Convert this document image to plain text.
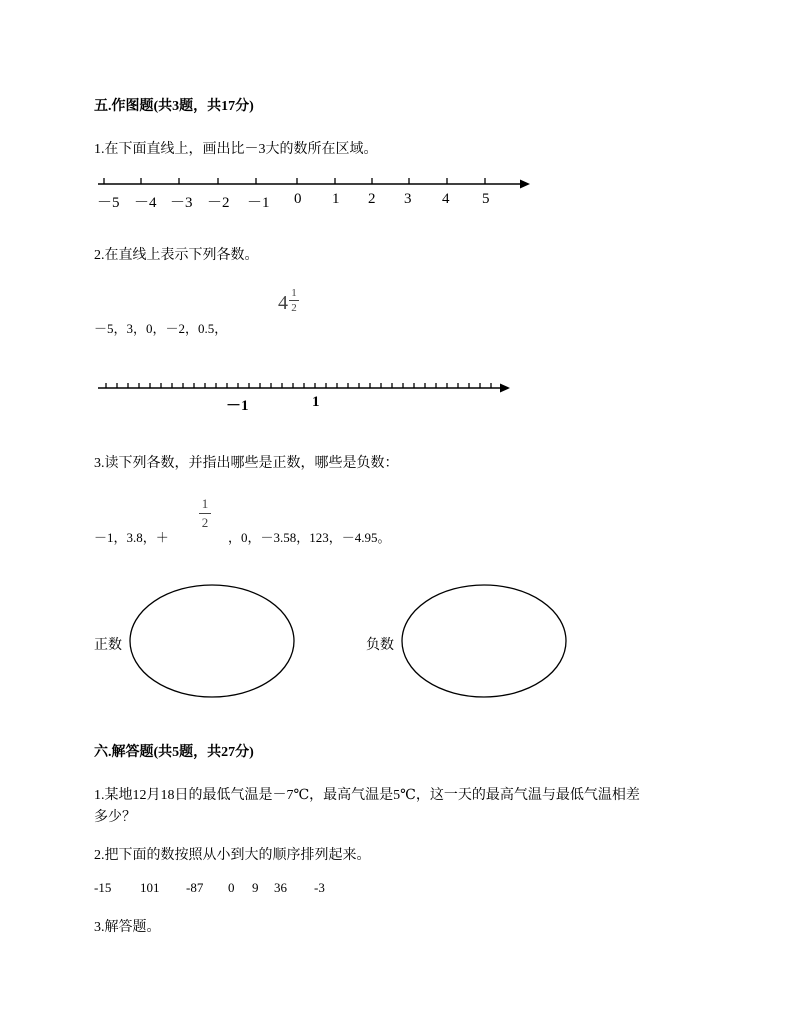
五.作图题(共3题，共17分)
1.在下面直线上，画出比－3大的数所在区域。
－5 －4 －3 －2 －1 0 1 2 3 4 5
2.在直线上表示下列各数。
－5，3，0，－2，0.5，
4 1
2
－1	1
3.读下列各数，并指出哪些是正数，哪些是负数：
－1，3.8，＋
1
2
，0，－3.58，123，－4.95。
正数	负数
六.解答题(共5题，共27分)
1.某地12月18日的最低气温是－7℃，最高气温是5℃，这一天的最高气温与最低气温相差
多少？
2.把下面的数按照从小到大的顺序排列起来。
-15 101 -87 0 9 36 -3
3.解答题。
